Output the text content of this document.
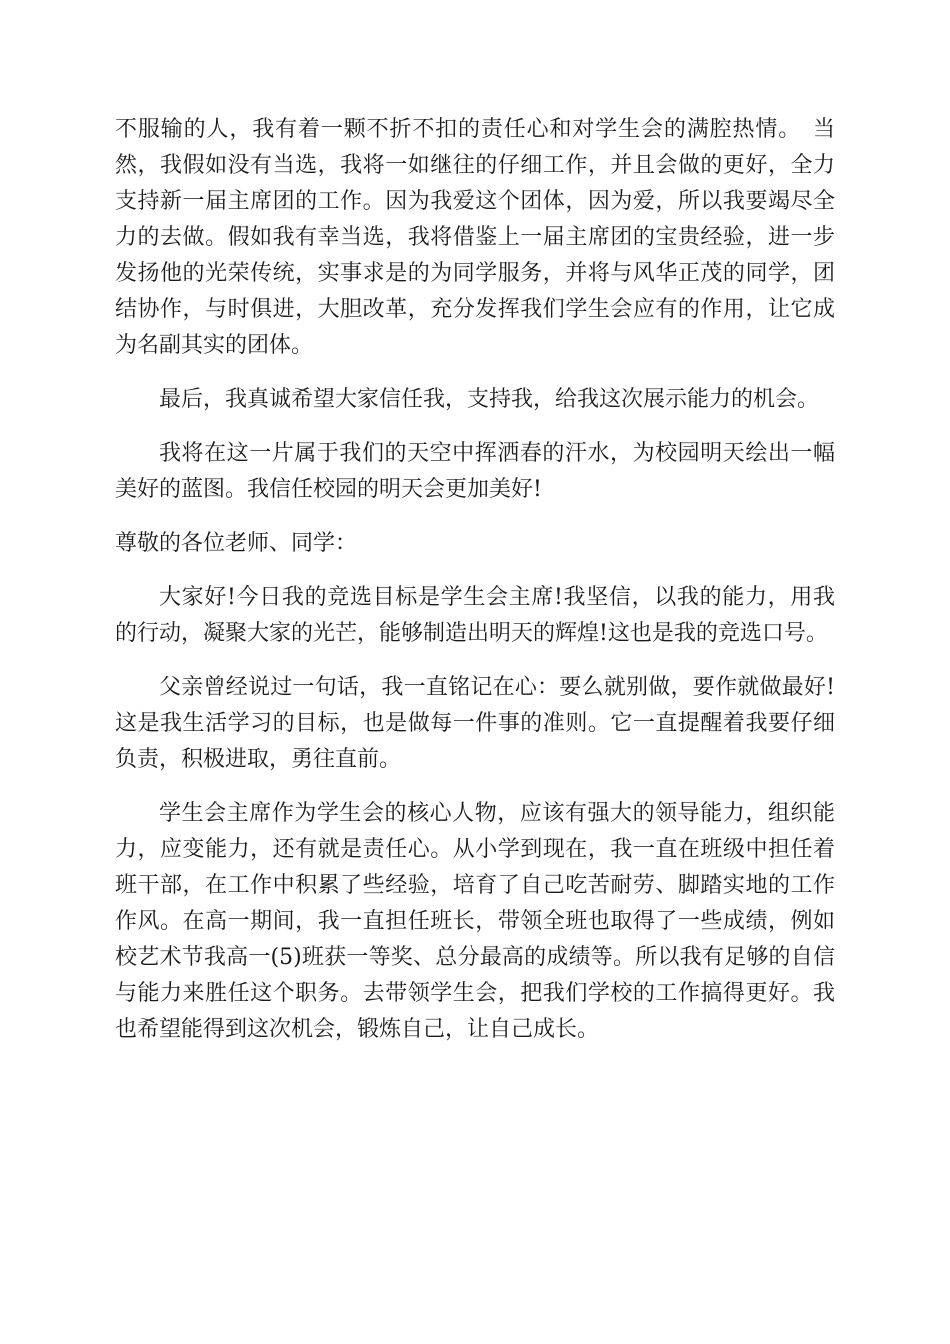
不服输的人，我有着一颗不折不扣的责任心和对学生会的满腔热情。　当然，我假如没有当选，我将一如继往的仔细工作，并且会做的更好，全力支持新一届主席团的工作。因为我爱这个团体，因为爱，所以我要竭尽全力的去做。假如我有幸当选，我将借鉴上一届主席团的宝贵经验，进一步发扬他的光荣传统，实事求是的为同学服务，并将与风华正茂的同学，团结协作，与时俱进，大胆改革，充分发挥我们学生会应有的作用，让它成为名副其实的团体。

最后，我真诚希望大家信任我，支持我，给我这次展示能力的机会。

我将在这一片属于我们的天空中挥洒春的汗水，为校园明天绘出一幅美好的蓝图。我信任校园的明天会更加美好!

尊敬的各位老师、同学：

大家好!今日我的竞选目标是学生会主席!我坚信，以我的能力，用我的行动，凝聚大家的光芒，能够制造出明天的辉煌!这也是我的竞选口号。

父亲曾经说过一句话，我一直铭记在心：要么就别做，要作就做最好!这是我生活学习的目标，也是做每一件事的准则。它一直提醒着我要仔细负责，积极进取，勇往直前。

学生会主席作为学生会的核心人物，应该有强大的领导能力，组织能力，应变能力，还有就是责任心。从小学到现在，我一直在班级中担任着班干部，在工作中积累了些经验，培育了自己吃苦耐劳、脚踏实地的工作作风。在高一期间，我一直担任班长，带领全班也取得了一些成绩，例如校艺术节我高一(5)班获一等奖、总分最高的成绩等。所以我有足够的自信与能力来胜任这个职务。去带领学生会，把我们学校的工作搞得更好。我也希望能得到这次机会，锻炼自己，让自己成长。
